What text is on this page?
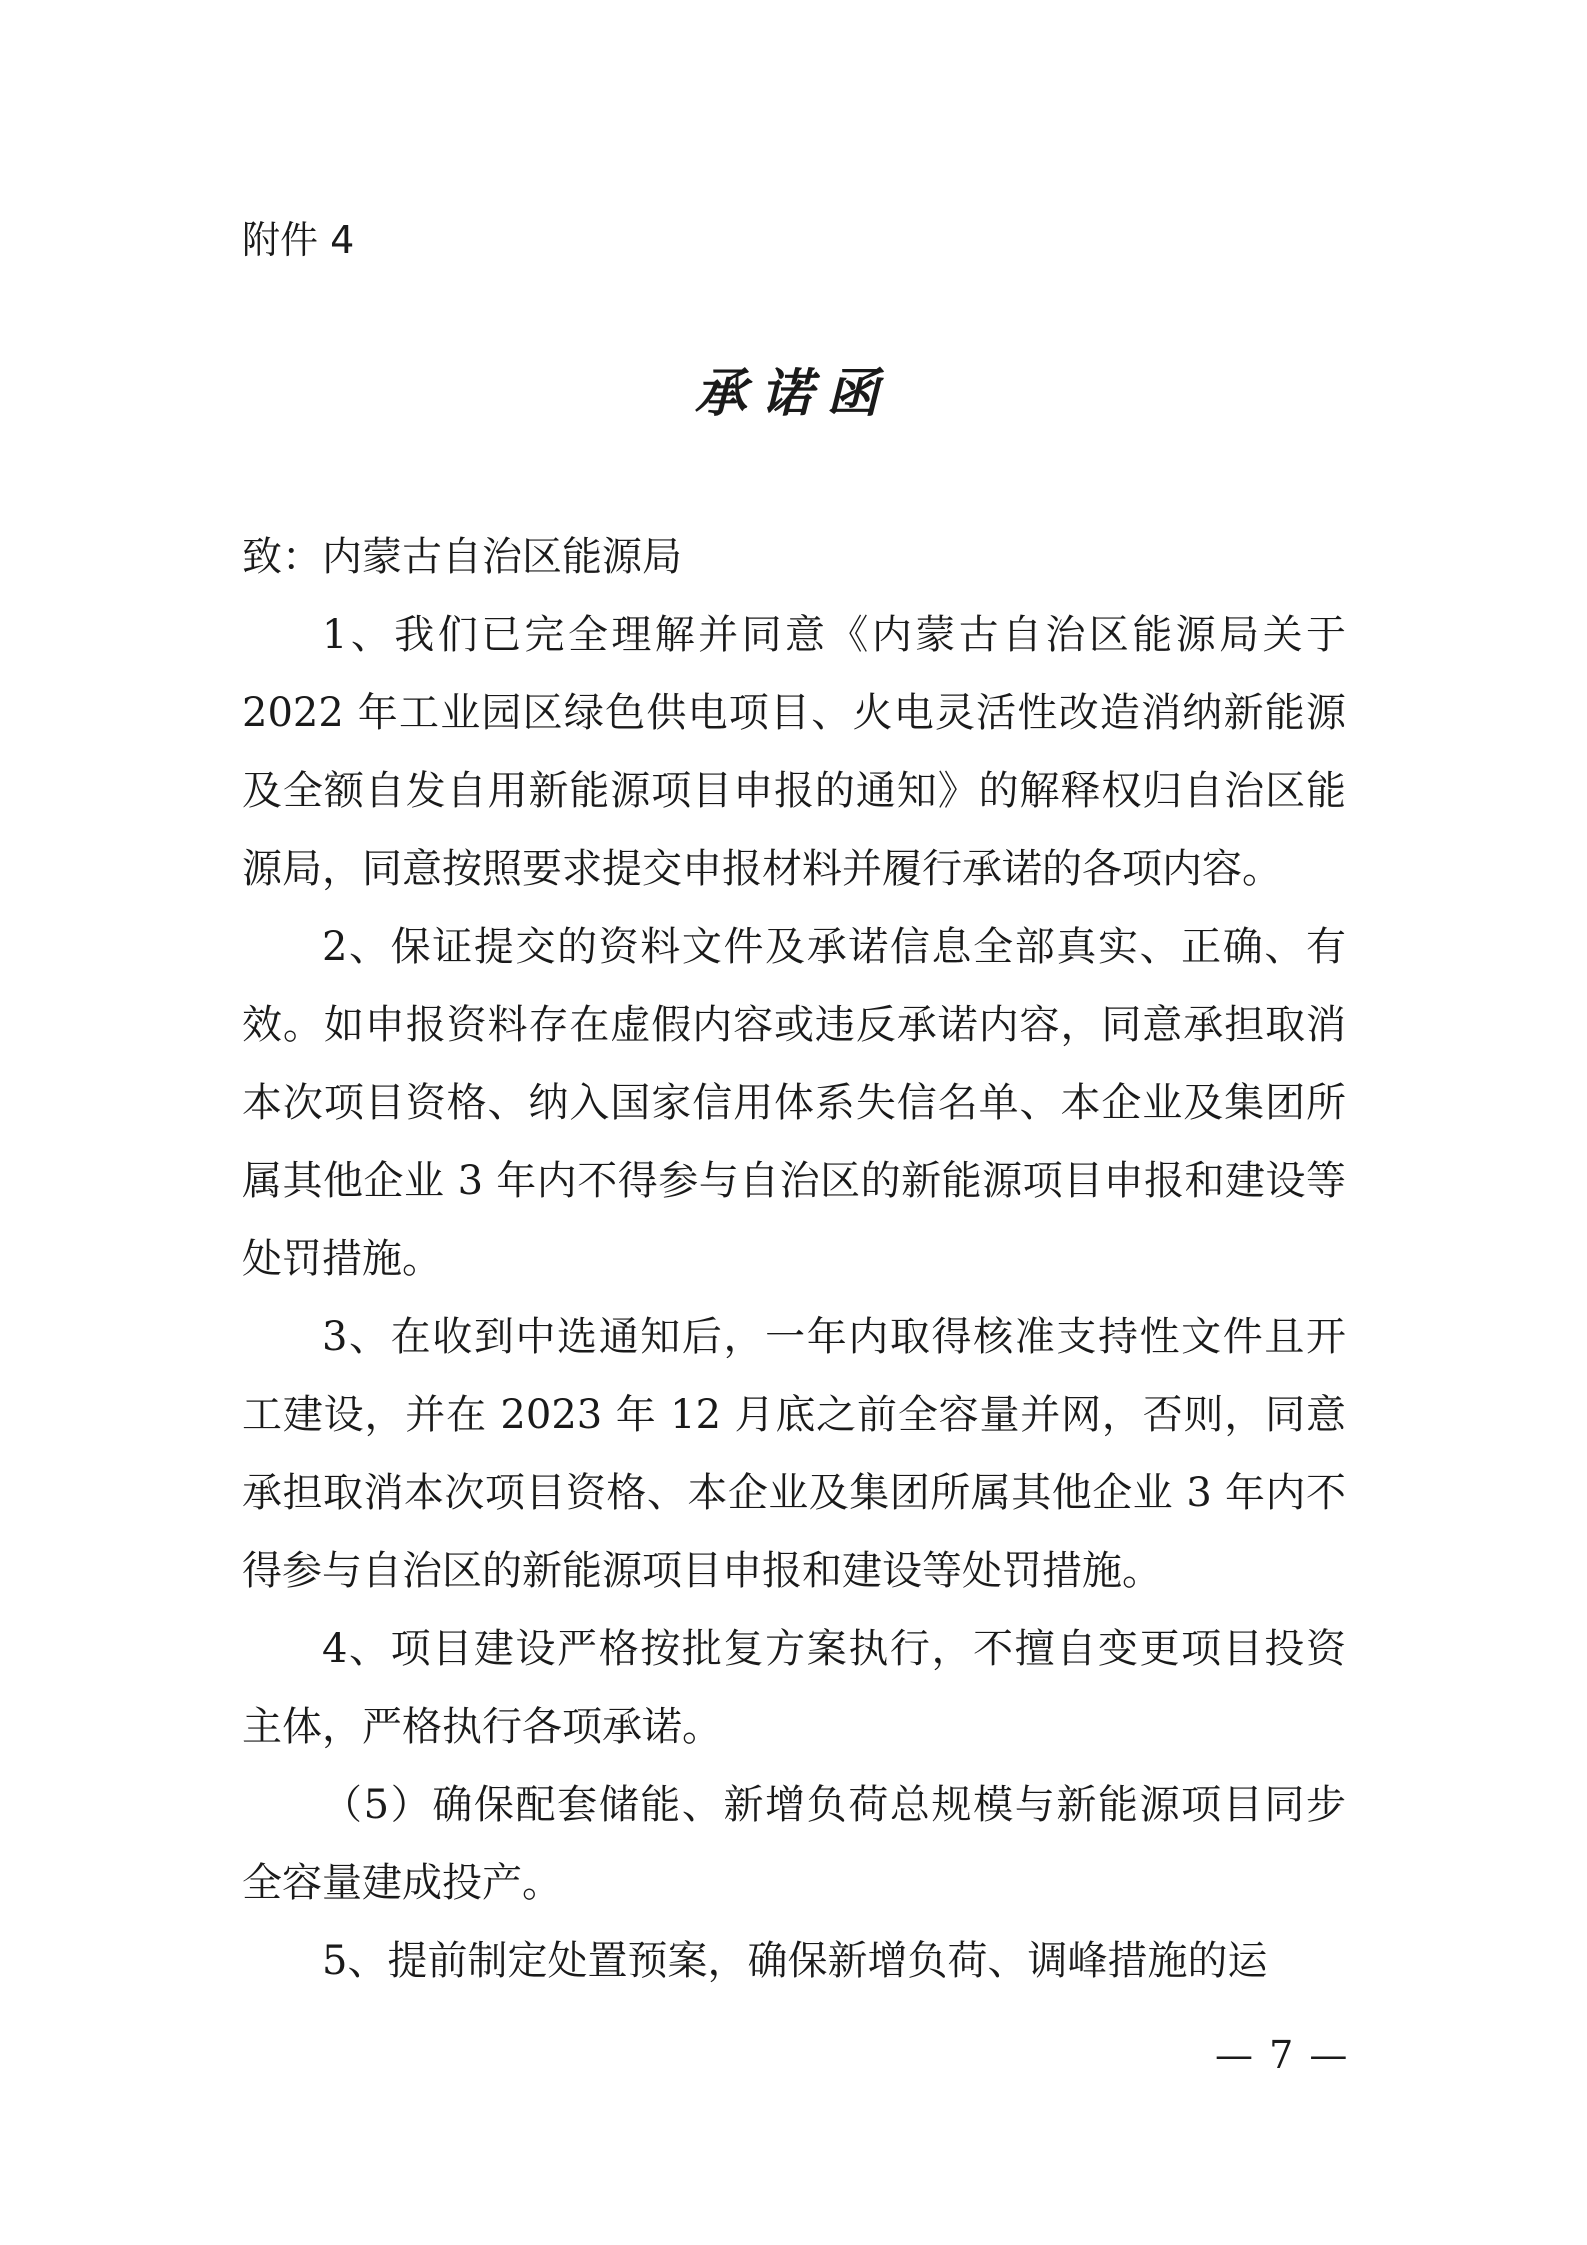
附件 4
承诺函

致：内蒙古自治区能源局

1、我们已完全理解并同意《内蒙古自治区能源局关于 2022 年工业园区绿色供电项目、火电灵活性改造消纳新能源及全额自发自用新能源项目申报的通知》的解释权归自治区能源局，同意按照要求提交申报材料并履行承诺的各项内容。

2、保证提交的资料文件及承诺信息全部真实、正确、有效。如申报资料存在虚假内容或违反承诺内容，同意承担取消本次项目资格、纳入国家信用体系失信名单、本企业及集团所属其他企业 3 年内不得参与自治区的新能源项目申报和建设等处罚措施。

3、在收到中选通知后，一年内取得核准支持性文件且开工建设，并在 2023 年 12 月底之前全容量并网，否则，同意承担取消本次项目资格、本企业及集团所属其他企业 3 年内不得参与自治区的新能源项目申报和建设等处罚措施。

4、项目建设严格按批复方案执行，不擅自变更项目投资主体，严格执行各项承诺。

（5）确保配套储能、新增负荷总规模与新能源项目同步全容量建成投产。

5、提前制定处置预案，确保新增负荷、调峰措施的运

— 7 —
